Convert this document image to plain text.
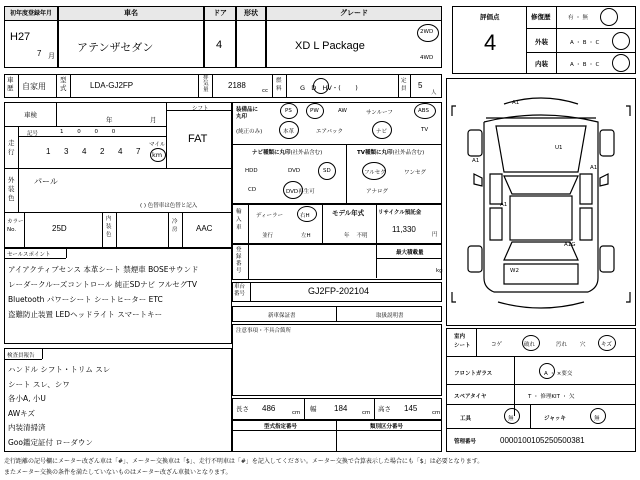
初年度登録年月
H27
7 月
車名
アテンザセダン
ドア
4
形状	グレード
XD L Package
2WD
4WD
車
歴 自家用
型
式	LDA-GJ2FP
排
気
量 2188
cc
燃
料	G   D   HV・(       )
定
員 5
人
車検
年	月
シフト
FAT
走
行
記号	1 0 0 0
1 3 4 2 4 7
マイル
km
外
装
色
パール
( ) 色替車は色替と記入
カラー
No.	25D
内
装
色
冷
房 AAC
装備品に
丸印
(純正のみ)
PS	PW	AW	サンルーフ	ABS
本革	エアバック	ナビ	TV
ナビ種類に丸印(社外品含む)	TV種類に丸印(社外品含む)
HDD	DVD	SD
CD	DVD再生可
フルセグ	ワンセグ
アナログ
輸
入
車
ディーラー	右H
並行	左H
モデル年式
年    不明
リサイクル預託金
11,330
円
登
録
番
号
最大積載量
kg
車台
番号	GJ2FP-202104
セールスポイント
アイアクティブセンス 本革シート 禁煙車 BOSEサウンド
レーダークルーズコントロール 純正SDナビ フルセグTV
Bluetooth パワーシート シートヒーター ETC
盗難防止装置 LEDヘッドライト スマートキー	新車保証書	取扱説明書
注意事項・不具合箇所
検査員報告
ハンドル シフト・トリム スレ
シート スレ、シワ
各小A, 小U
AWキズ
内装清掃済
Goo鑑定証付 ローダウン
長さ 486	cm 幅 184	cm 高さ 145	cm
型式指定番号	類別区分番号
評価点
4
修復歴	有 ・ 無
外装	A ・ B ・ C
内装	A ・ B ・ C
A1
U1
A1
A1
A1
A1G
W2
室内
シート	コゲ	破れ	汚れ 穴	キズ
フロントガラス	A ・ ×要交
スペアタイヤ	T ・ 修理KIT ・ 欠
工具	無	ジャッキ	無
管理番号	0000100105250500381
走行距離の記号欄にメーター改ざん車は「#」、メーター交換車は「$」、走行不明車は「#」を記入してください。メーター交換で合算表示した場合にも「$」は必要となります。
またメーター交換の条件を満たしていないものはメーター改ざん車扱いとなります。
